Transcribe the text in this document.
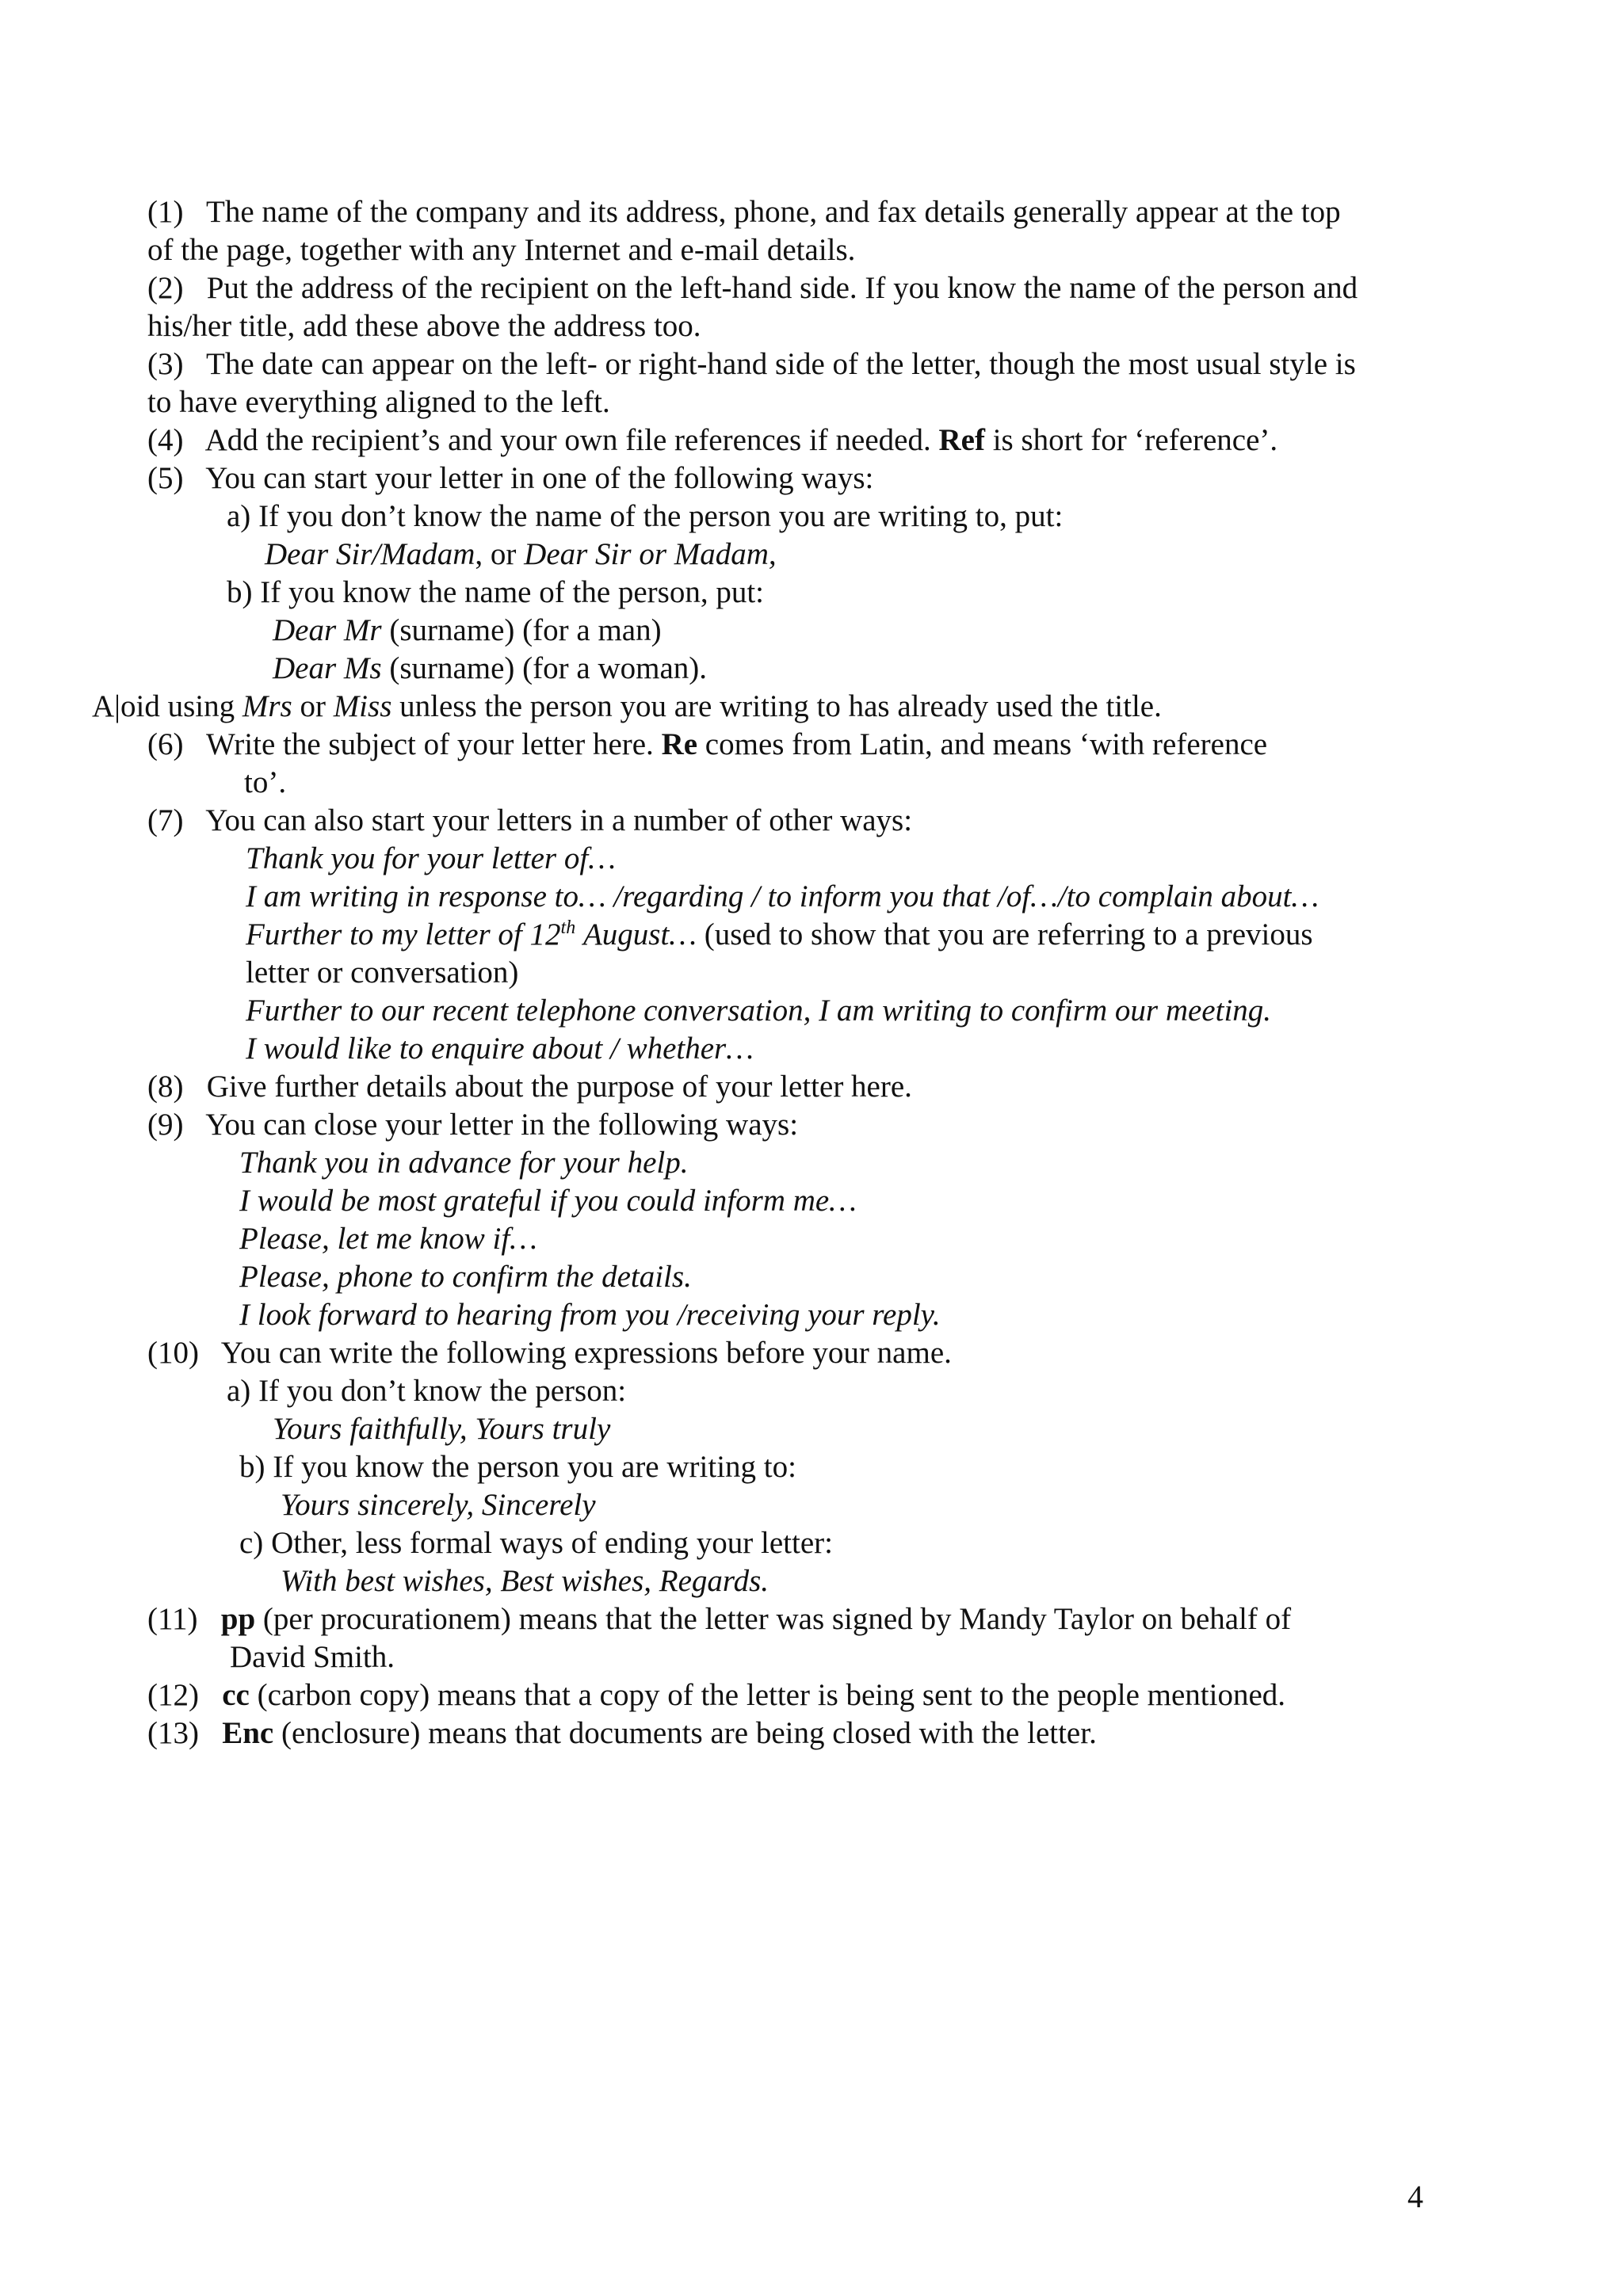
(1) The name of the company and its address, phone, and fax details generally appear at the top
of the page, together with any Internet and e-mail details.
(2) Put the address of the recipient on the left-hand side. If you know the name of the person and
his/her title, add these above the address too.
(3) The date can appear on the left- or right-hand side of the letter, though the most usual style is
to have everything aligned to the left.
(4) Add the recipient’s and your own file references if needed. Ref is short for ‘reference’.
(5) You can start your letter in one of the following ways:
a) If you don’t know the name of the person you are writing to, put:
Dear Sir/Madam, or Dear Sir or Madam,
b) If you know the name of the person, put:
Dear Mr (surname) (for a man)
Dear Ms (surname) (for a woman).
A|oid using Mrs or Miss unless the person you are writing to has already used the title.
(6) Write the subject of your letter here. Re comes from Latin, and means ‘with reference
to’.
(7) You can also start your letters in a number of other ways:
Thank you for your letter of…
I am writing in response to… /regarding / to inform you that /of…/to complain about…
Further to my letter of 12th August… (used to show that you are referring to a previous
letter or conversation)
Further to our recent telephone conversation, I am writing to confirm our meeting.
I would like to enquire about / whether…
(8) Give further details about the purpose of your letter here.
(9) You can close your letter in the following ways:
Thank you in advance for your help.
I would be most grateful if you could inform me…
Please, let me know if…
Please, phone to confirm the details.
I look forward to hearing from you /receiving your reply.
(10) You can write the following expressions before your name.
a) If you don’t know the person:
Yours faithfully, Yours truly
b) If you know the person you are writing to:
Yours sincerely, Sincerely
c) Other, less formal ways of ending your letter:
With best wishes, Best wishes, Regards.
(11) pp (per procurationem) means that the letter was signed by Mandy Taylor on behalf of
David Smith.
(12) cc (carbon copy) means that a copy of the letter is being sent to the people mentioned.
(13) Enc (enclosure) means that documents are being closed with the letter.
4
